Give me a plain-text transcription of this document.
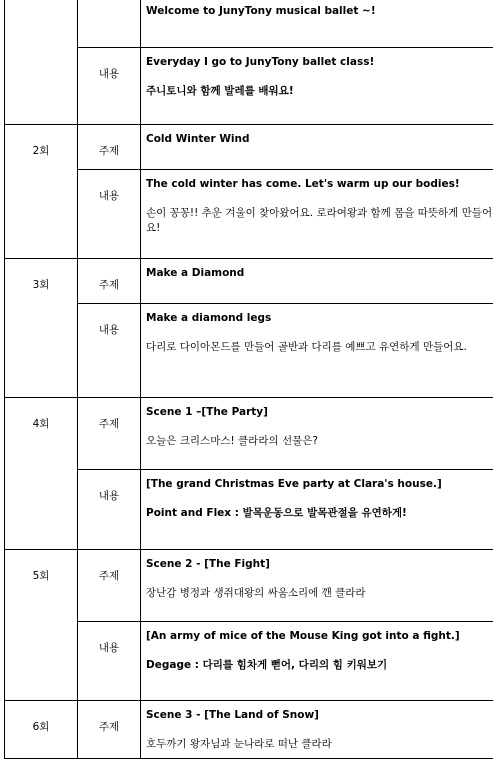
		Welcome to JunyTony musical ballet ~!

	내용	Everyday I go to JunyTony ballet class!
주니토니와 함께 발레를 배워요!

2회	주제	Cold Winter Wind

	내용	The cold winter has come. Let's warm up our bodies!
손이 꽁꽁!! 추운 겨울이 찾아왔어요. 로라여왕과 함께 몸을 따뜻하게 만들어요!

3회	주제	Make a Diamond

	내용	Make a diamond legs
다리로 다이아몬드를 만들어 골반과 다리를 예쁘고 유연하게 만들어요.

4회	주제	Scene 1 –[The Party]
오늘은 크리스마스! 클라라의 선물은?

	내용	[The grand Christmas Eve party at Clara's house.]
Point and Flex : 발목운동으로 발목관절을 유연하게!

5회	주제	Scene 2 - [The Fight]
장난감 병정과 생쥐대왕의 싸움소리에 깬 클라라

	내용	[An army of mice of the Mouse King got into a fight.]
Degage : 다리를 힘차게 뻗어, 다리의 힘 키워보기

6회	주제	Scene 3 - [The Land of Snow]
호두까기 왕자님과 눈나라로 떠난 클라라
